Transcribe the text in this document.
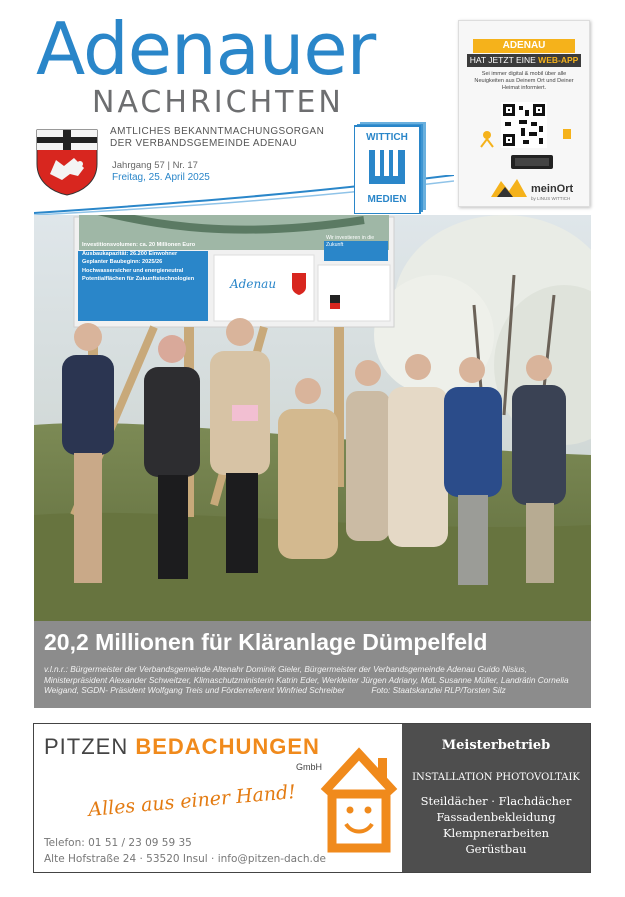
Adenauer
NACHRICHTEN
AMTLICHES BEKANNTMACHUNGSORGAN
DER VERBANDSGEMEINDE ADENAU
Jahrgang 57 | Nr. 17
Freitag, 25. April 2025
WITTICH
MEDIEN
ADENAU
HAT JETZT EINE WEB-APP
Sei immer digital & mobil über alle Neuigkeiten aus Deinem Ort und Deiner Heimat informiert.
meinOrt
by LINUS WITTICH
Investitionsvolumen: ca. 20 Millionen Euro
Ausbaukapazität: 26.200 Einwohner
Geplanter Baubeginn: 2025/26
Hochwassersicher und energieneutral
Potentialflächen für Zukunftstechnologien
Wir investieren in die Zukunft
Adenau
20,2 Millionen für Kläranlage Dümpelfeld
v.l.n.r.: Bürgermeister der Verbandsgemeinde Altenahr Dominik Gieler, Bürgermeister der Verbandsgemeinde Adenau Guido Nisius, Ministerpräsident Alexander Schweitzer, Klimaschutzministerin Katrin Eder, Werkleiter Jürgen Adriany, MdL Susanne Müller, Landrätin Cornelia Weigand, SGDN- Präsident Wolfgang Treis und Förderreferent Winfried Schreiber	Foto: Staatskanzlei RLP/Torsten Silz
PITZEN BEDACHUNGEN
GmbH
Alles aus einer Hand!
Telefon: 01 51 / 23 09 59 35
Alte Hofstraße 24 · 53520 Insul · info@pitzen-dach.de
Meisterbetrieb
INSTALLATION PHOTOVOLTAIK
Steildächer · Flachdächer
Fassadenbekleidung
Klempnerarbeiten
Gerüstbau
